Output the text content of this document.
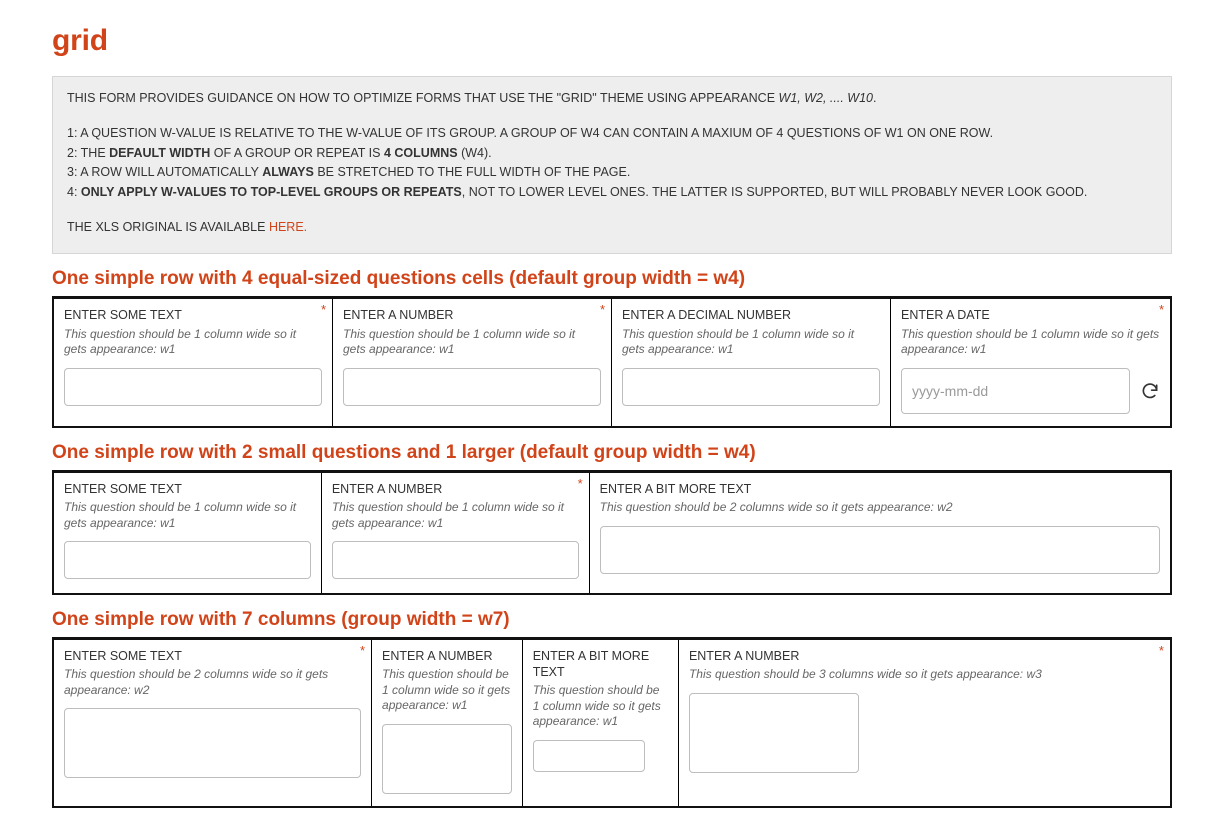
grid
THIS FORM PROVIDES GUIDANCE ON HOW TO OPTIMIZE FORMS THAT USE THE "GRID" THEME USING APPEARANCE W1, W2, .... W10.

1: A QUESTION W-VALUE IS RELATIVE TO THE W-VALUE OF ITS GROUP. A GROUP OF W4 CAN CONTAIN A MAXIUM OF 4 QUESTIONS OF W1 ON ONE ROW.

2: THE DEFAULT WIDTH OF A GROUP OR REPEAT IS 4 COLUMNS (W4).

3: A ROW WILL AUTOMATICALLY ALWAYS BE STRETCHED TO THE FULL WIDTH OF THE PAGE.

4: ONLY APPLY W-VALUES TO TOP-LEVEL GROUPS OR REPEATS, NOT TO LOWER LEVEL ONES. THE LATTER IS SUPPORTED, BUT WILL PROBABLY NEVER LOOK GOOD.

THE XLS ORIGINAL IS AVAILABLE HERE.

One simple row with 4 equal-sized questions cells (default group width = w4)
*
ENTER SOME TEXT
This question should be 1 column wide so it gets appearance: w1
*
ENTER A NUMBER
This question should be 1 column wide so it gets appearance: w1
ENTER A DECIMAL NUMBER
This question should be 1 column wide so it gets appearance: w1
*
ENTER A DATE
This question should be 1 column wide so it gets appearance: w1
yyyy-mm-dd
One simple row with 2 small questions and 1 larger (default group width = w4)
ENTER SOME TEXT
This question should be 1 column wide so it gets appearance: w1
*
ENTER A NUMBER
This question should be 1 column wide so it gets appearance: w1
ENTER A BIT MORE TEXT
This question should be 2 columns wide so it gets appearance: w2
One simple row with 7 columns (group width = w7)
*
ENTER SOME TEXT
This question should be 2 columns wide so it gets appearance: w2
ENTER A NUMBER
This question should be 1 column wide so it gets appearance: w1
ENTER A BIT MORE TEXT
This question should be 1 column wide so it gets appearance: w1
*
ENTER A NUMBER
This question should be 3 columns wide so it gets appearance: w3
